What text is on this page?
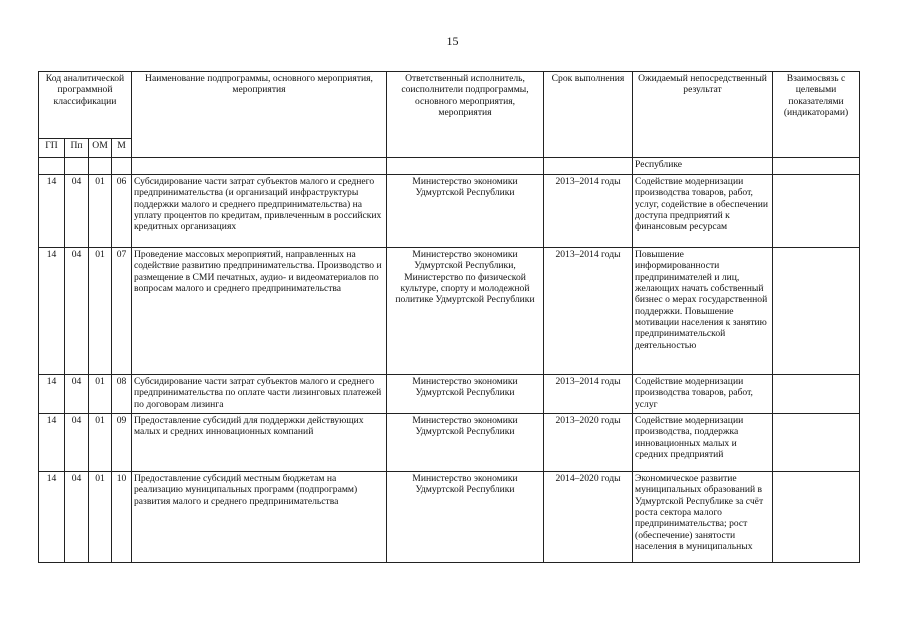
15
Код аналитической программной классификации				Наименование подпрограммы, основного мероприятия, мероприятия	Ответственный исполнитель, соисполнители подпрограммы, основного мероприятия, мероприятия	Срок выполнения	Ожидаемый непосредственный результат	Взаимосвязь с целевыми показателями (индикаторами)
ГП	Пп	ОМ	М					
							Республике	
14	04	01	06	Субсидирование части затрат субъектов малого и среднего предпринимательства (и организаций инфраструктуры поддержки малого и среднего предпринимательства) на уплату процентов по кредитам, привлеченным в российских кредитных организациях	Министерство экономики Удмуртской Республики	2013–2014 годы	Содействие модернизации производства товаров, работ, услуг, содействие в обеспечении доступа предприятий к финансовым ресурсам	
14	04	01	07	Проведение массовых мероприятий, направленных на содействие развитию предпринимательства. Производство и размещение в СМИ печатных, аудио- и видеоматериалов по вопросам малого и среднего предпринимательства	Министерство экономики Удмуртской Республики, Министерство по физической культуре, спорту и молодежной политике Удмуртской Республики	2013–2014 годы	Повышение информированности предпринимателей и лиц, желающих начать собственный бизнес о мерах государственной поддержки. Повышение мотивации населения к занятию предпринимательской деятельностью	
14	04	01	08	Субсидирование части затрат субъектов малого и среднего предпринимательства по оплате части лизинговых платежей по договорам лизинга	Министерство экономики Удмуртской Республики	2013–2014 годы	Содействие модернизации производства товаров, работ, услуг	
14	04	01	09	Предоставление субсидий для поддержки действующих малых и средних инновационных компаний	Министерство экономики Удмуртской Республики	2013–2020 годы	Содействие модернизации производства, поддержка инновационных малых и средних предприятий	
14	04	01	10	Предоставление субсидий местным бюджетам на реализацию муниципальных программ (подпрограмм) развития малого и среднего предпринимательства	Министерство экономики Удмуртской Республики	2014–2020 годы	Экономическое развитие муниципальных образований в Удмуртской Республике за счёт роста сектора малого предпринимательства; рост (обеспечение) занятости населения в муниципальных	
